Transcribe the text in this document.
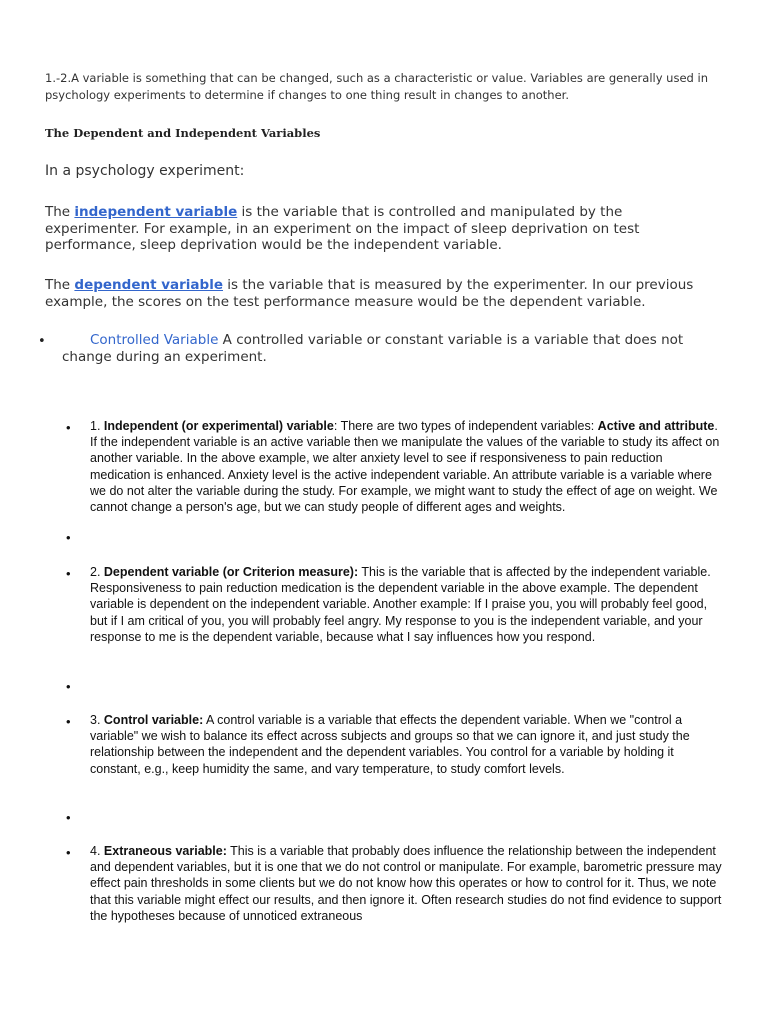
1.-2.A variable is something that can be changed, such as a characteristic or value. Variables are generally used in psychology experiments to determine if changes to one thing result in changes to another.
The Dependent and Independent Variables
In a psychology experiment:
The independent variable is the variable that is controlled and manipulated by the experimenter. For example, in an experiment on the impact of sleep deprivation on test performance, sleep deprivation would be the independent variable.
The dependent variable is the variable that is measured by the experimenter. In our previous example, the scores on the test performance measure would be the dependent variable.
•	Controlled Variable A controlled variable or constant variable is a variable that does not change during an experiment.
• 1. Independent (or experimental) variable: There are two types of independent variables: Active and attribute. If the independent variable is an active variable then we manipulate the values of the variable to study its affect on another variable. In the above example, we alter anxiety level to see if responsiveness to pain reduction medication is enhanced. Anxiety level is the active independent variable. An attribute variable is a variable where we do not alter the variable during the study. For example, we might want to study the effect of age on weight. We cannot change a person's age, but we can study people of different ages and weights.
•
• 2. Dependent variable (or Criterion measure): This is the variable that is affected by the independent variable. Responsiveness to pain reduction medication is the dependent variable in the above example. The dependent variable is dependent on the independent variable. Another example: If I praise you, you will probably feel good, but if I am critical of you, you will probably feel angry. My response to you is the independent variable, and your response to me is the dependent variable, because what I say influences how you respond.
•
• 3. Control variable: A control variable is a variable that effects the dependent variable. When we "control a variable" we wish to balance its effect across subjects and groups so that we can ignore it, and just study the relationship between the independent and the dependent variables. You control for a variable by holding it constant, e.g., keep humidity the same, and vary temperature, to study comfort levels.
•
• 4. Extraneous variable: This is a variable that probably does influence the relationship between the independent and dependent variables, but it is one that we do not control or manipulate. For example, barometric pressure may effect pain thresholds in some clients but we do not know how this operates or how to control for it. Thus, we note that this variable might effect our results, and then ignore it. Often research studies do not find evidence to support the hypotheses because of unnoticed extraneous
